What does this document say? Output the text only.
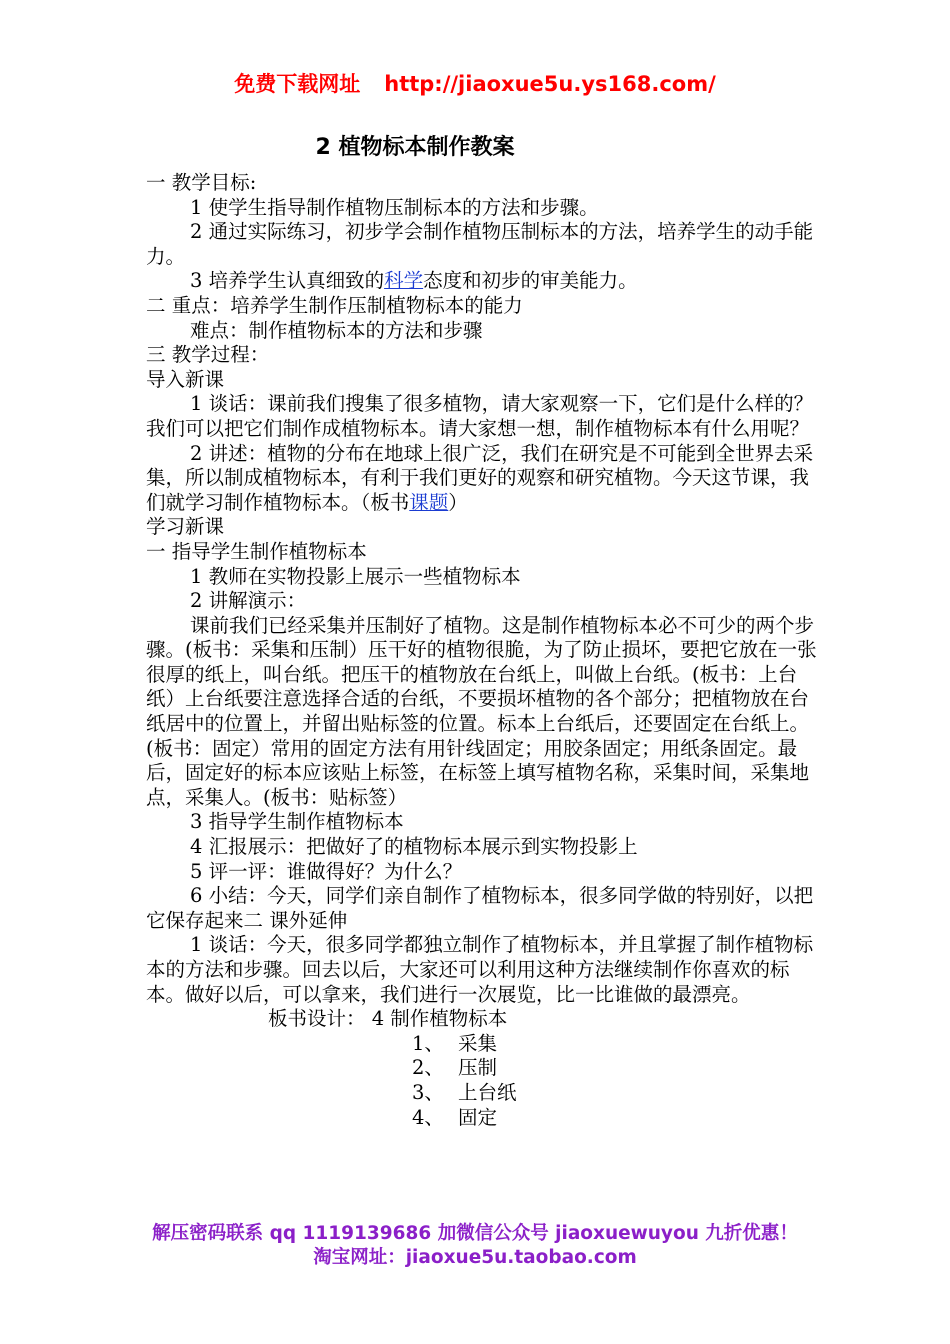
免费下载网址 http://jiaoxue5u.ys168.com/
2 植物标本制作教案

一 教学目标:

1 使学生指导制作植物压制标本的方法和步骤。

2 通过实际练习，初步学会制作植物压制标本的方法，培养学生的动手能力。

3 培养学生认真细致的科学态度和初步的审美能力。

二 重点：培养学生制作压制植物标本的能力

难点：制作植物标本的方法和步骤

三 教学过程：

导入新课

1 谈话：课前我们搜集了很多植物，请大家观察一下，它们是什么样的？我们可以把它们制作成植物标本。请大家想一想，制作植物标本有什么用呢？

2 讲述：植物的分布在地球上很广泛，我们在研究是不可能到全世界去采集，所以制成植物标本，有利于我们更好的观察和研究植物。今天这节课，我们就学习制作植物标本。（板书课题）

学习新课

一 指导学生制作植物标本

1 教师在实物投影上展示一些植物标本

2 讲解演示：

课前我们已经采集并压制好了植物。这是制作植物标本必不可少的两个步骤。(板书：采集和压制）压干好的植物很脆，为了防止损坏，要把它放在一张很厚的纸上，叫台纸。把压干的植物放在台纸上，叫做上台纸。(板书：上台纸）上台纸要注意选择合适的台纸，不要损坏植物的各个部分；把植物放在台纸居中的位置上，并留出贴标签的位置。标本上台纸后，还要固定在台纸上。(板书：固定）常用的固定方法有用针线固定；用胶条固定；用纸条固定。最后，固定好的标本应该贴上标签，在标签上填写植物名称，采集时间，采集地点，采集人。(板书：贴标签）

3 指导学生制作植物标本

4 汇报展示：把做好了的植物标本展示到实物投影上

5 评一评：谁做得好？为什么？

6 小结：今天，同学们亲自制作了植物标本，很多同学做的特别好，以把它保存起来二 课外延伸

1 谈话：今天，很多同学都独立制作了植物标本，并且掌握了制作植物标本的方法和步骤。回去以后，大家还可以利用这种方法继续制作你喜欢的标本。做好以后，可以拿来，我们进行一次展览，比一比谁做的最漂亮。

板书设计： 4 制作植物标本

1、 采集

2、 压制

3、 上台纸

4、 固定

解压密码联系 qq 1119139686 加微信公众号 jiaoxuewuyou 九折优惠！
淘宝网址：jiaoxue5u.taobao.com
